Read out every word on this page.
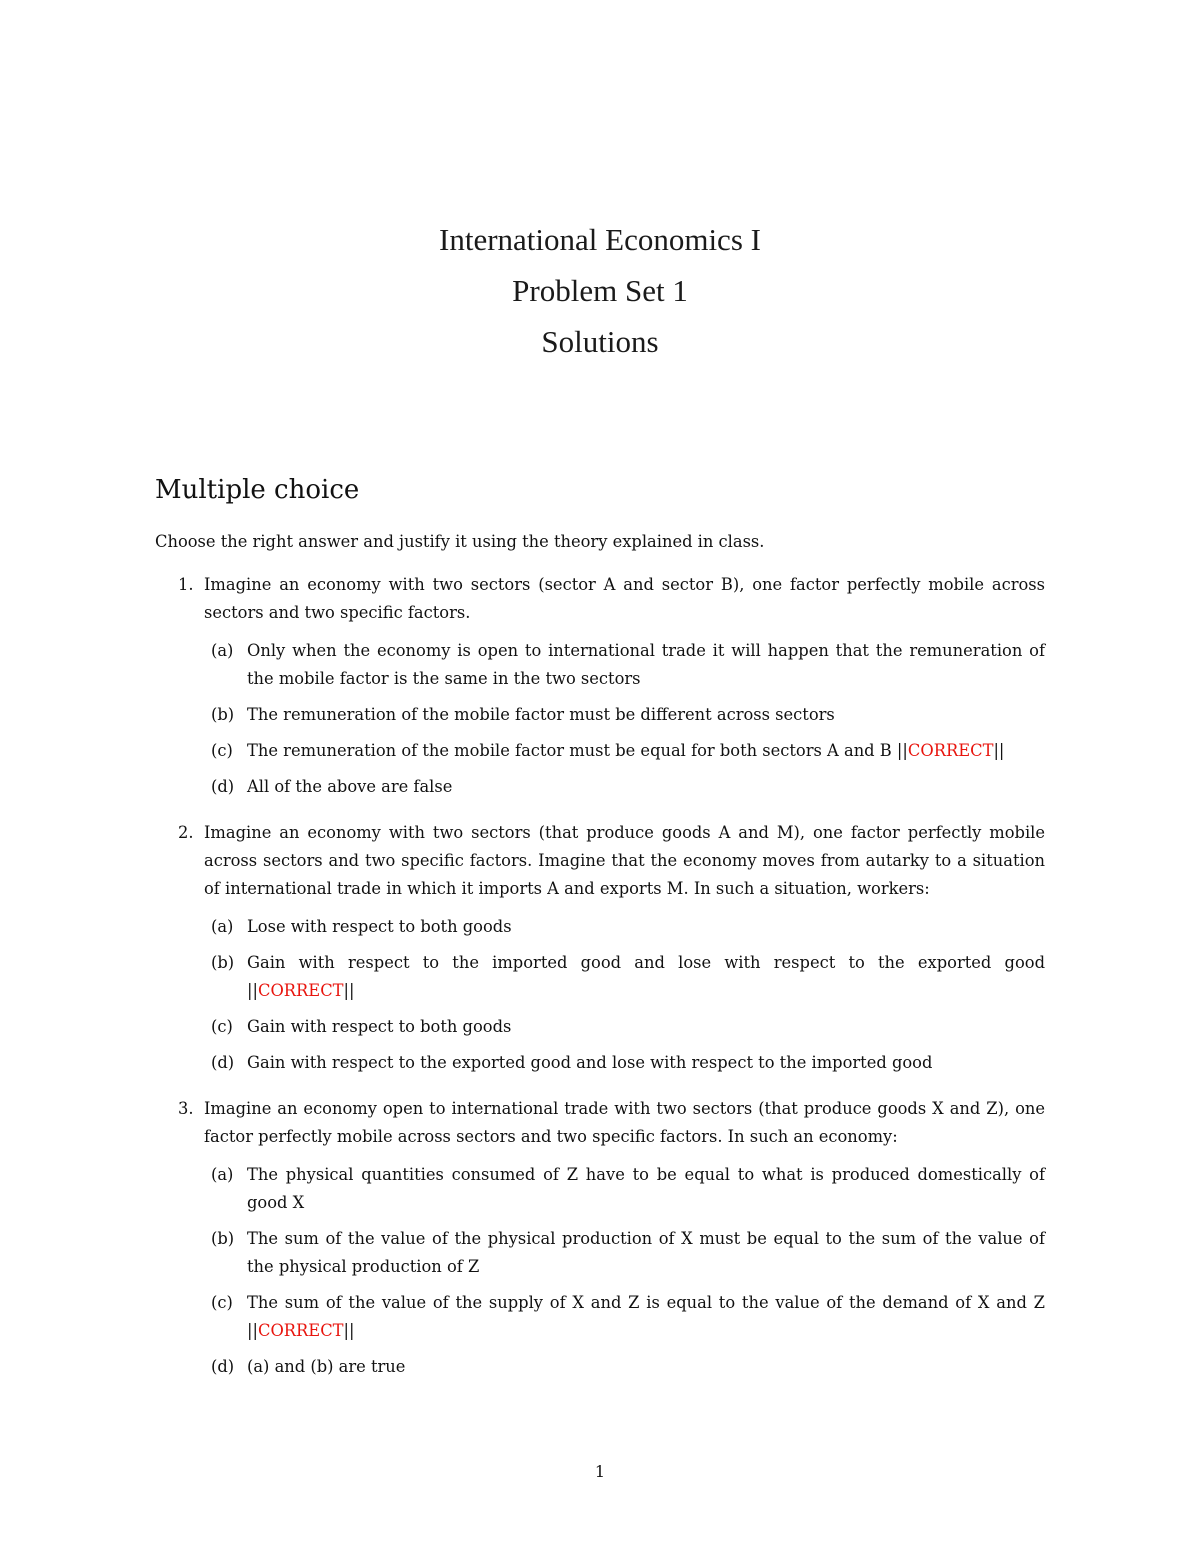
International Economics I
Problem Set 1
Solutions
Multiple choice

Choose the right answer and justify it using the theory explained in class.

1. Imagine an economy with two sectors (sector A and sector B), one factor perfectly mobile across sectors and two specific factors.

(a) Only when the economy is open to international trade it will happen that the remuneration of the mobile factor is the same in the two sectors
(b) The remuneration of the mobile factor must be different across sectors
(c) The remuneration of the mobile factor must be equal for both sectors A and B ||CORRECT||
(d) All of the above are false
2. Imagine an economy with two sectors (that produce goods A and M), one factor perfectly mobile across sectors and two specific factors. Imagine that the economy moves from autarky to a situation of international trade in which it imports A and exports M. In such a situation, workers:

(a) Lose with respect to both goods
(b) Gain with respect to the imported good and lose with respect to the exported good ||CORRECT||
(c) Gain with respect to both goods
(d) Gain with respect to the exported good and lose with respect to the imported good
3. Imagine an economy open to international trade with two sectors (that produce goods X and Z), one factor perfectly mobile across sectors and two specific factors. In such an economy:

(a) The physical quantities consumed of Z have to be equal to what is produced domestically of good X
(b) The sum of the value of the physical production of X must be equal to the sum of the value of the physical production of Z
(c) The sum of the value of the supply of X and Z is equal to the value of the demand of X and Z ||CORRECT||
(d) (a) and (b) are true
1
